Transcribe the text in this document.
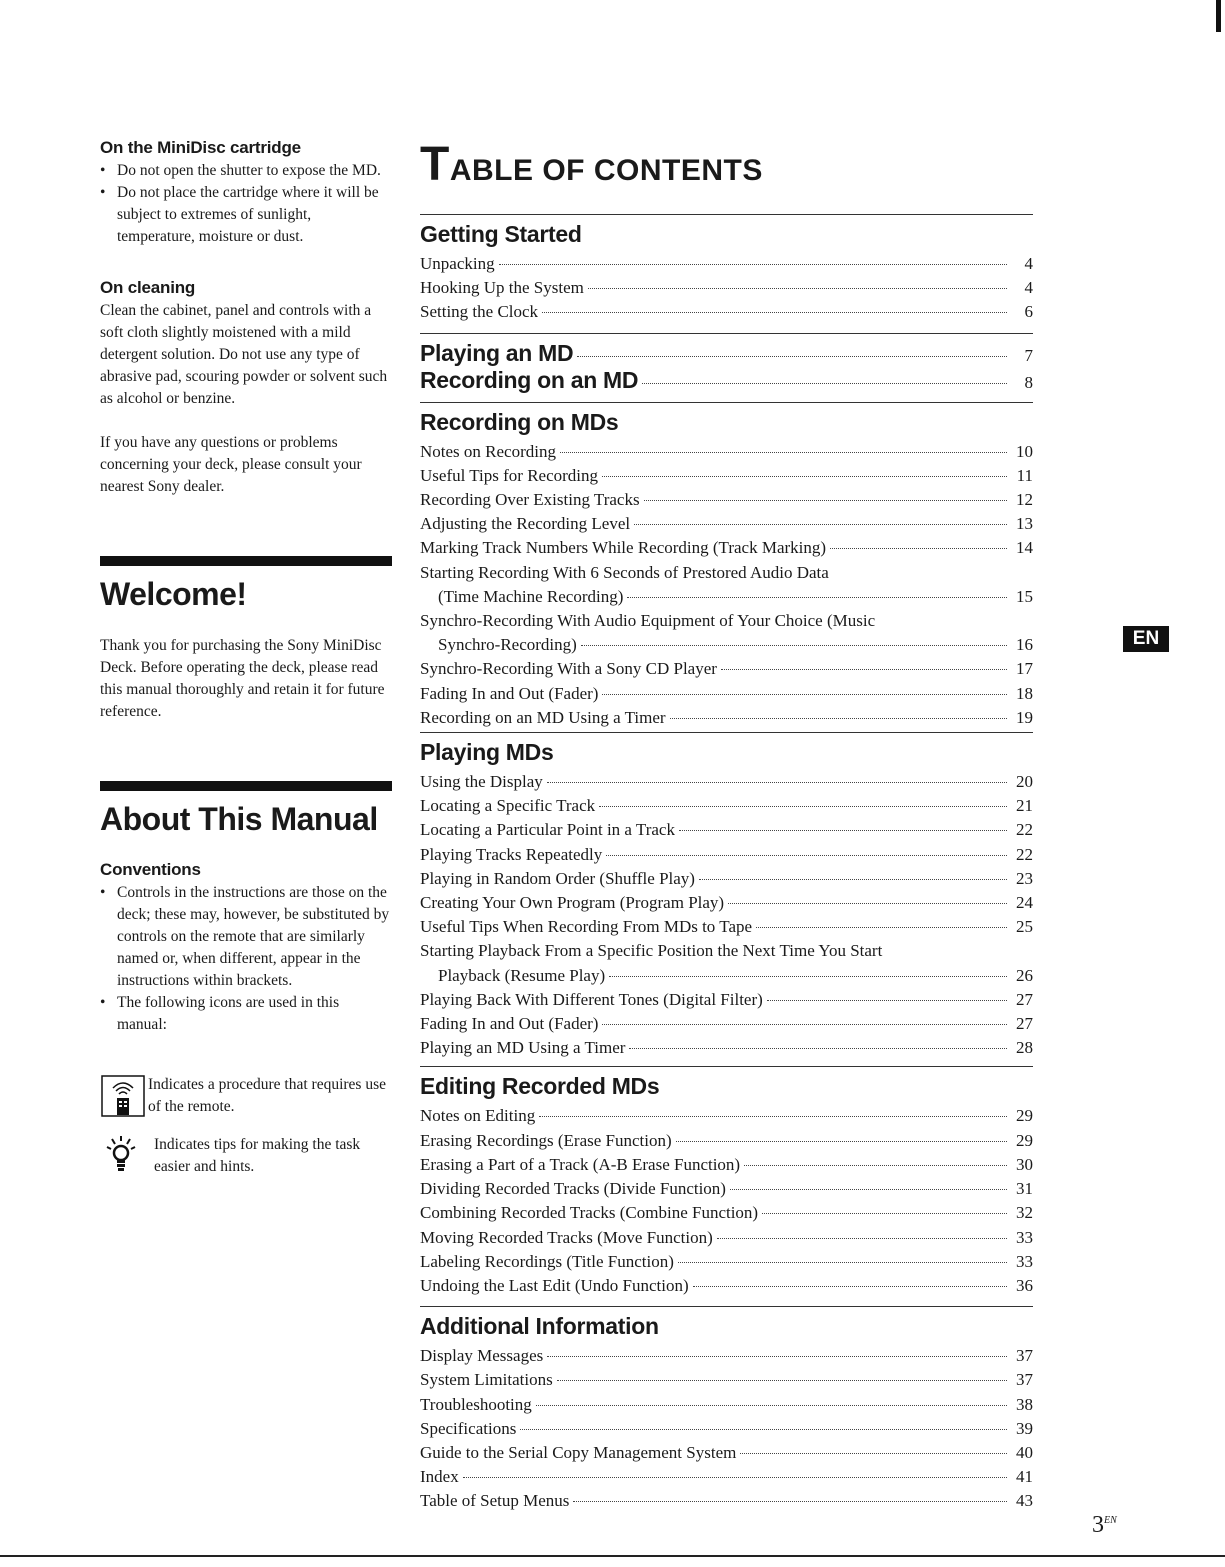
On the MiniDisc cartridge
• Do not open the shutter to expose the MD.
• Do not place the cartridge where it will be subject to extremes of sunlight, temperature, moisture or dust.
On cleaning

Clean the cabinet, panel and controls with a soft cloth slightly moistened with a mild detergent solution. Do not use any type of abrasive pad, scouring powder or solvent such as alcohol or benzine.

If you have any questions or problems concerning your deck, please consult your nearest Sony dealer.

Welcome!

Thank you for purchasing the Sony MiniDisc Deck. Before operating the deck, please read this manual thoroughly and retain it for future reference.

About This Manual
Conventions
• Controls in the instructions are those on the deck; these may, however, be substituted by controls on the remote that are similarly named or, when different, appear in the instructions within brackets.
• The following icons are used in this manual:
Indicates a procedure that requires use of the remote.
Indicates tips for making the task easier and hints.
TABLE OF CONTENTS
Getting Started
Unpacking	4
Hooking Up the System	4
Setting the Clock	6
Playing an MD	7
Recording on an MD	8
Recording on MDs
Notes on Recording	10
Useful Tips for Recording	11
Recording Over Existing Tracks	12
Adjusting the Recording Level	13
Marking Track Numbers While Recording (Track Marking)	14
Starting Recording With 6 Seconds of Prestored Audio Data
(Time Machine Recording)	15
Synchro-Recording With Audio Equipment of Your Choice (Music
Synchro-Recording)	16
Synchro-Recording With a Sony CD Player	17
Fading In and Out (Fader)	18
Recording on an MD Using a Timer	19
Playing MDs
Using the Display	20
Locating a Specific Track	21
Locating a Particular Point in a Track	22
Playing Tracks Repeatedly	22
Playing in Random Order (Shuffle Play)	23
Creating Your Own Program (Program Play)	24
Useful Tips When Recording From MDs to Tape	25
Starting Playback From a Specific Position the Next Time You Start
Playback (Resume Play)	26
Playing Back With Different Tones (Digital Filter)	27
Fading In and Out (Fader)	27
Playing an MD Using a Timer	28
Editing Recorded MDs
Notes on Editing	29
Erasing Recordings (Erase Function)	29
Erasing a Part of a Track (A-B Erase Function)	30
Dividing Recorded Tracks (Divide Function)	31
Combining Recorded Tracks (Combine Function)	32
Moving Recorded Tracks (Move Function)	33
Labeling Recordings (Title Function)	33
Undoing the Last Edit (Undo Function)	36
Additional Information
Display Messages	37
System Limitations	37
Troubleshooting	38
Specifications	39
Guide to the Serial Copy Management System	40
Index	41
Table of Setup Menus	43
EN
$3^{EN}$
